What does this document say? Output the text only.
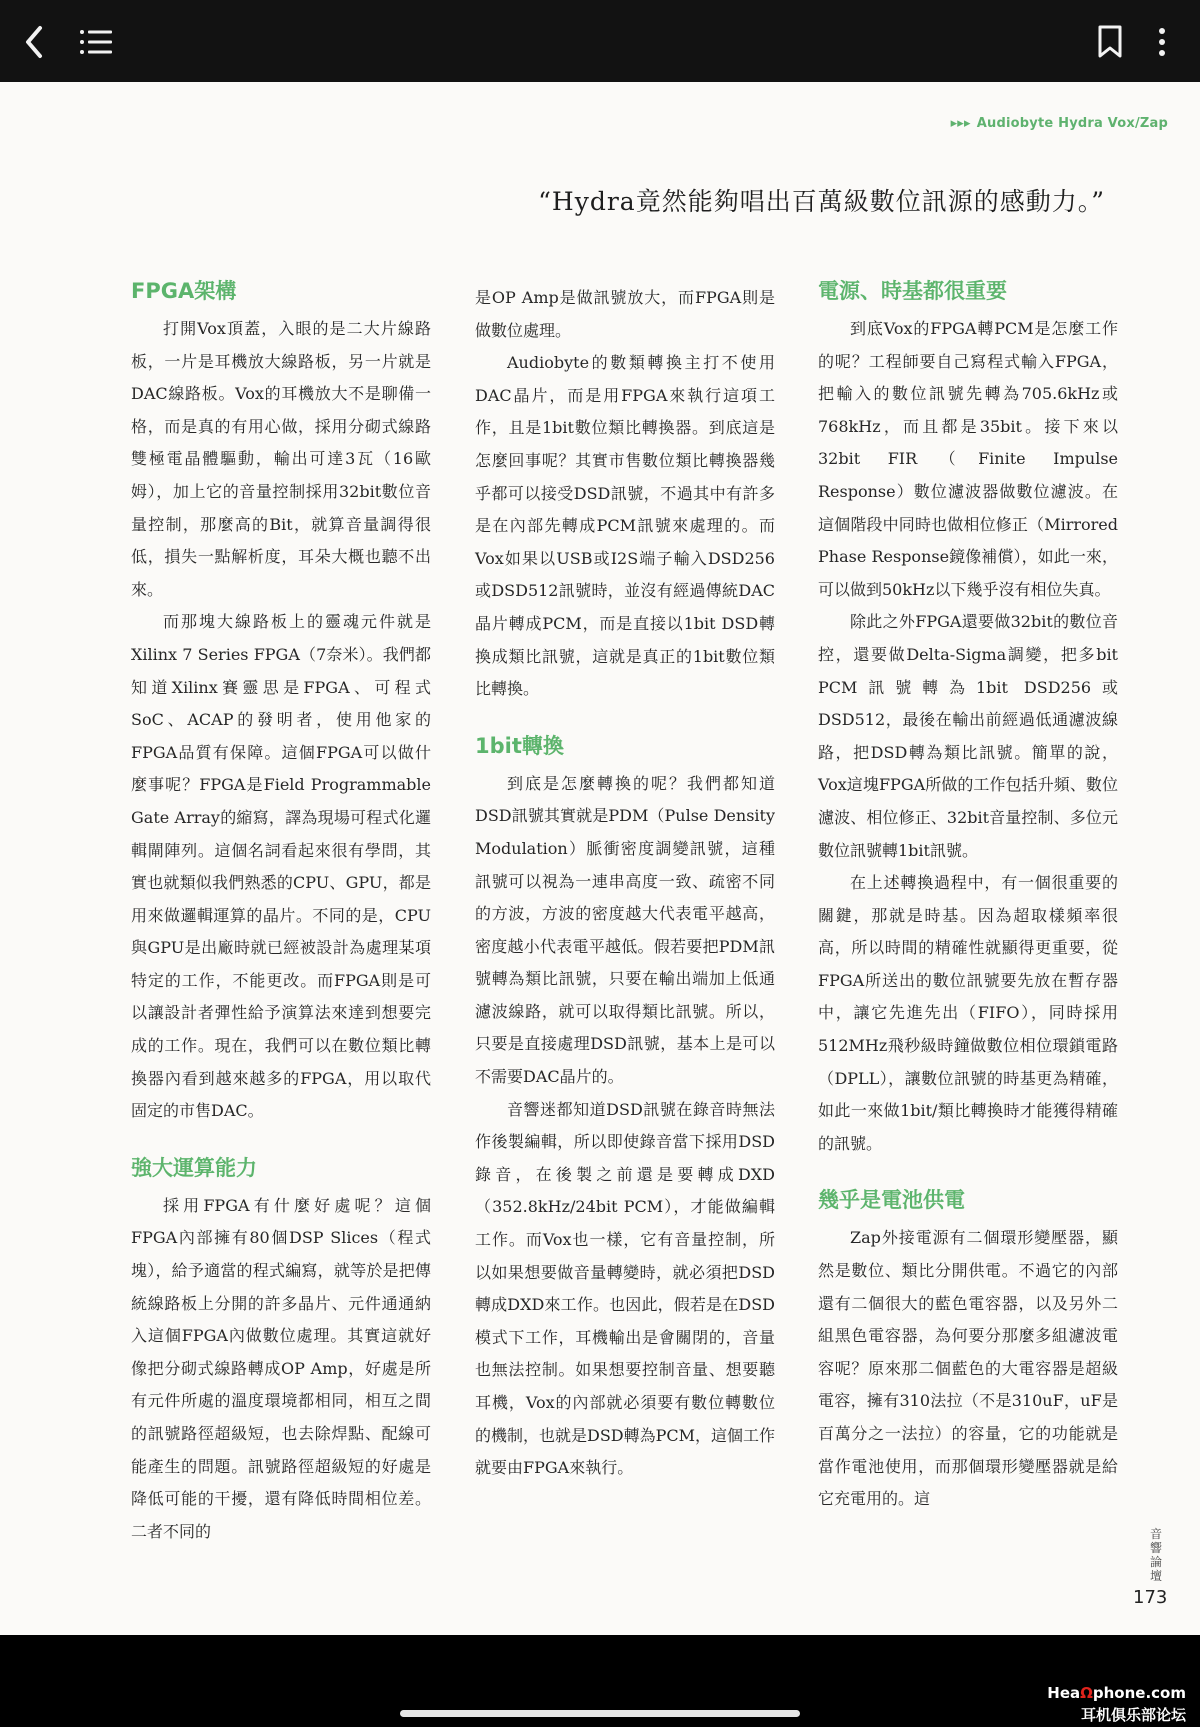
▸▸▸ Audiobyte Hydra Vox/Zap
“Hydra竟然能夠唱出百萬級數位訊源的感動力。”
FPGA架構

打開Vox頂蓋，入眼的是二大片線路板，一片是耳機放大線路板，另一片就是DAC線路板。Vox的耳機放大不是聊備一格，而是真的有用心做，採用分砌式線路雙極電晶體驅動，輸出可達3瓦（16歐姆），加上它的音量控制採用32bit數位音量控制，那麼高的Bit，就算音量調得很低，損失一點解析度，耳朵大概也聽不出來。

而那塊大線路板上的靈魂元件就是Xilinx 7 Series FPGA（7奈米）。我們都知道Xilinx賽靈思是FPGA、可程式SoC、ACAP的發明者，使用他家的FPGA品質有保障。這個FPGA可以做什麼事呢？FPGA是Field Programmable Gate Array的縮寫，譯為現場可程式化邏輯閘陣列。這個名詞看起來很有學問，其實也就類似我們熟悉的CPU、GPU，都是用來做邏輯運算的晶片。不同的是，CPU與GPU是出廠時就已經被設計為處理某項特定的工作，不能更改。而FPGA則是可以讓設計者彈性給予演算法來達到想要完成的工作。現在，我們可以在數位類比轉換器內看到越來越多的FPGA，用以取代固定的市售DAC。

強大運算能力

採用FPGA有什麼好處呢？這個FPGA內部擁有80個DSP Slices（程式塊），給予適當的程式編寫，就等於是把傳統線路板上分開的許多晶片、元件通通納入這個FPGA內做數位處理。其實這就好像把分砌式線路轉成OP Amp，好處是所有元件所處的溫度環境都相同，相互之間的訊號路徑超級短，也去除焊點、配線可能產生的問題。訊號路徑超級短的好處是降低可能的干擾，還有降低時間相位差。二者不同的

是OP Amp是做訊號放大，而FPGA則是做數位處理。

Audiobyte的數類轉換主打不使用DAC晶片，而是用FPGA來執行這項工作，且是1bit數位類比轉換器。到底這是怎麼回事呢？其實市售數位類比轉換器幾乎都可以接受DSD訊號，不過其中有許多是在內部先轉成PCM訊號來處理的。而Vox如果以USB或I2S端子輸入DSD256或DSD512訊號時，並沒有經過傳統DAC晶片轉成PCM，而是直接以1bit DSD轉換成類比訊號，這就是真正的1bit數位類比轉換。

1bit轉換

到底是怎麼轉換的呢？我們都知道DSD訊號其實就是PDM（Pulse Density Modulation）脈衝密度調變訊號，這種訊號可以視為一連串高度一致、疏密不同的方波，方波的密度越大代表電平越高，密度越小代表電平越低。假若要把PDM訊號轉為類比訊號，只要在輸出端加上低通濾波線路，就可以取得類比訊號。所以，只要是直接處理DSD訊號，基本上是可以不需要DAC晶片的。

音響迷都知道DSD訊號在錄音時無法作後製編輯，所以即使錄音當下採用DSD錄音，在後製之前還是要轉成DXD（352.8kHz/24bit PCM），才能做編輯工作。而Vox也一樣，它有音量控制，所以如果想要做音量轉變時，就必須把DSD轉成DXD來工作。也因此，假若是在DSD模式下工作，耳機輸出是會關閉的，音量也無法控制。如果想要控制音量、想要聽耳機，Vox的內部就必須要有數位轉數位的機制，也就是DSD轉為PCM，這個工作就要由FPGA來執行。

電源、時基都很重要

到底Vox的FPGA轉PCM是怎麼工作的呢？工程師要自己寫程式輸入FPGA，把輸入的數位訊號先轉為705.6kHz或768kHz，而且都是35bit。接下來以32bit FIR（Finite Impulse Response）數位濾波器做數位濾波。在這個階段中同時也做相位修正（Mirrored Phase Response鏡像補償），如此一來，可以做到50kHz以下幾乎沒有相位失真。

除此之外FPGA還要做32bit的數位音控，還要做Delta-Sigma調變，把多bit PCM訊號轉為1bit DSD256或DSD512，最後在輸出前經過低通濾波線路，把DSD轉為類比訊號。簡單的說，Vox這塊FPGA所做的工作包括升頻、數位濾波、相位修正、32bit音量控制、多位元數位訊號轉1bit訊號。

在上述轉換過程中，有一個很重要的關鍵，那就是時基。因為超取樣頻率很高，所以時間的精確性就顯得更重要，從FPGA所送出的數位訊號要先放在暫存器中，讓它先進先出（FIFO），同時採用512MHz飛秒級時鐘做數位相位環鎖電路（DPLL），讓數位訊號的時基更為精確，如此一來做1bit/類比轉換時才能獲得精確的訊號。

幾乎是電池供電

Zap外接電源有二個環形變壓器，顯然是數位、類比分開供電。不過它的內部還有二個很大的藍色電容器，以及另外二組黑色電容器，為何要分那麼多組濾波電容呢？原來那二個藍色的大電容器是超級電容，擁有310法拉（不是310uF，uF是百萬分之一法拉）的容量，它的功能就是當作電池使用，而那個環形變壓器就是給它充電用的。這

音響論壇
173
HeaΩphone.com
耳机俱乐部论坛
